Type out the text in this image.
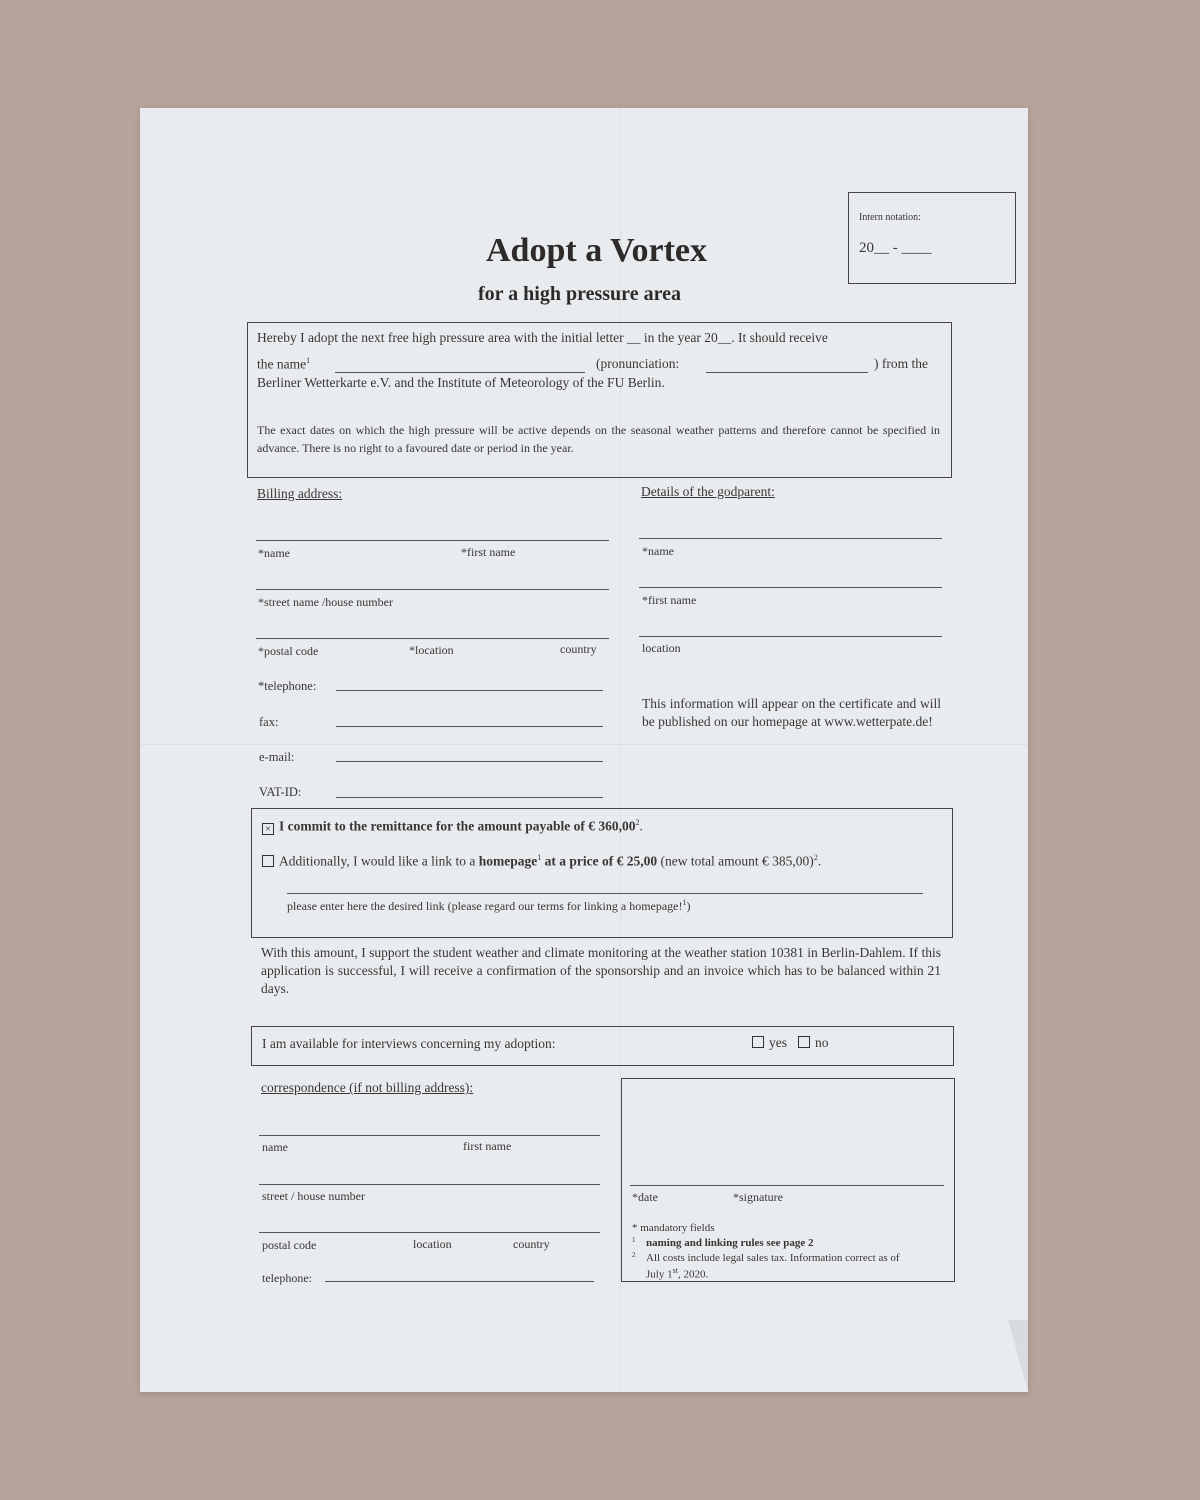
Intern notation:
20__ - ____
Adopt a Vortex
for a high pressure area
Hereby I adopt the next free high pressure area with the initial letter __ in the year 20__. It should receive
the name$^1$	(pronunciation:	) from the
Berliner Wetterkarte e.V. and the Institute of Meteorology of the FU Berlin.
The exact dates on which the high pressure will be active depends on the seasonal weather patterns and therefore cannot be specified in advance. There is no right to a favoured date or period in the year.
Billing address:
*name	*first name
*street name /house number
*postal code	*location	country
*telephone:
fax:
e-mail:
VAT-ID:
Details of the godparent:
*name
*first name
location
This information will appear on the certificate and will be published on our homepage at www.wetterpate.de!
× I commit to the remittance for the amount payable of € 360,00$^2$.
Additionally, I would like a link to a homepage$^1$ at a price of € 25,00 (new total amount € 385,00)$^2$.
please enter here the desired link (please regard our terms for linking a homepage!$^1$)
With this amount, I support the student weather and climate monitoring at the weather station 10381 in Berlin-Dahlem. If this application is successful, I will receive a confirmation of the sponsorship and an invoice which has to be balanced within 21 days.
I am available for interviews concerning my adoption:	yes	no
correspondence (if not billing address):
name	first name
street / house number
postal code	location	country
telephone:
*date	*signature
* mandatory fields
1 naming and linking rules see page 2
2 All costs include legal sales tax. Information correct as of
July 1st, 2020.
